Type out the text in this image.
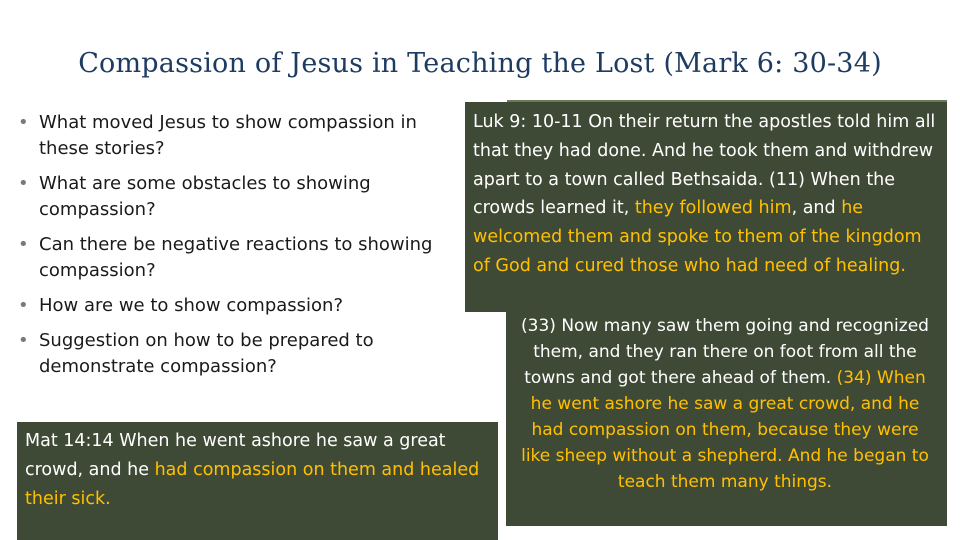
Compassion of Jesus in Teaching the Lost (Mark 6: 30-34)
• What moved Jesus to show compassion in these stories?
• What are some obstacles to showing compassion?
• Can there be negative reactions to showing compassion?
• How are we to show compassion?
• Suggestion on how to be prepared to demonstrate compassion?
(33) Now many saw them going and recognized them, and they ran there on foot from all the towns and got there ahead of them. (34) When he went ashore he saw a great crowd, and he had compassion on them, because they were like sheep without a shepherd. And he began to teach them many things.
Luk 9: 10-11 On their return the apostles told him all that they had done. And he took them and withdrew apart to a town called Bethsaida. (11) When the crowds learned it, they followed him, and he welcomed them and spoke to them of the kingdom of God and cured those who had need of healing.
Mat 14:14 When he went ashore he saw a great crowd, and he had compassion on them and healed their sick.
